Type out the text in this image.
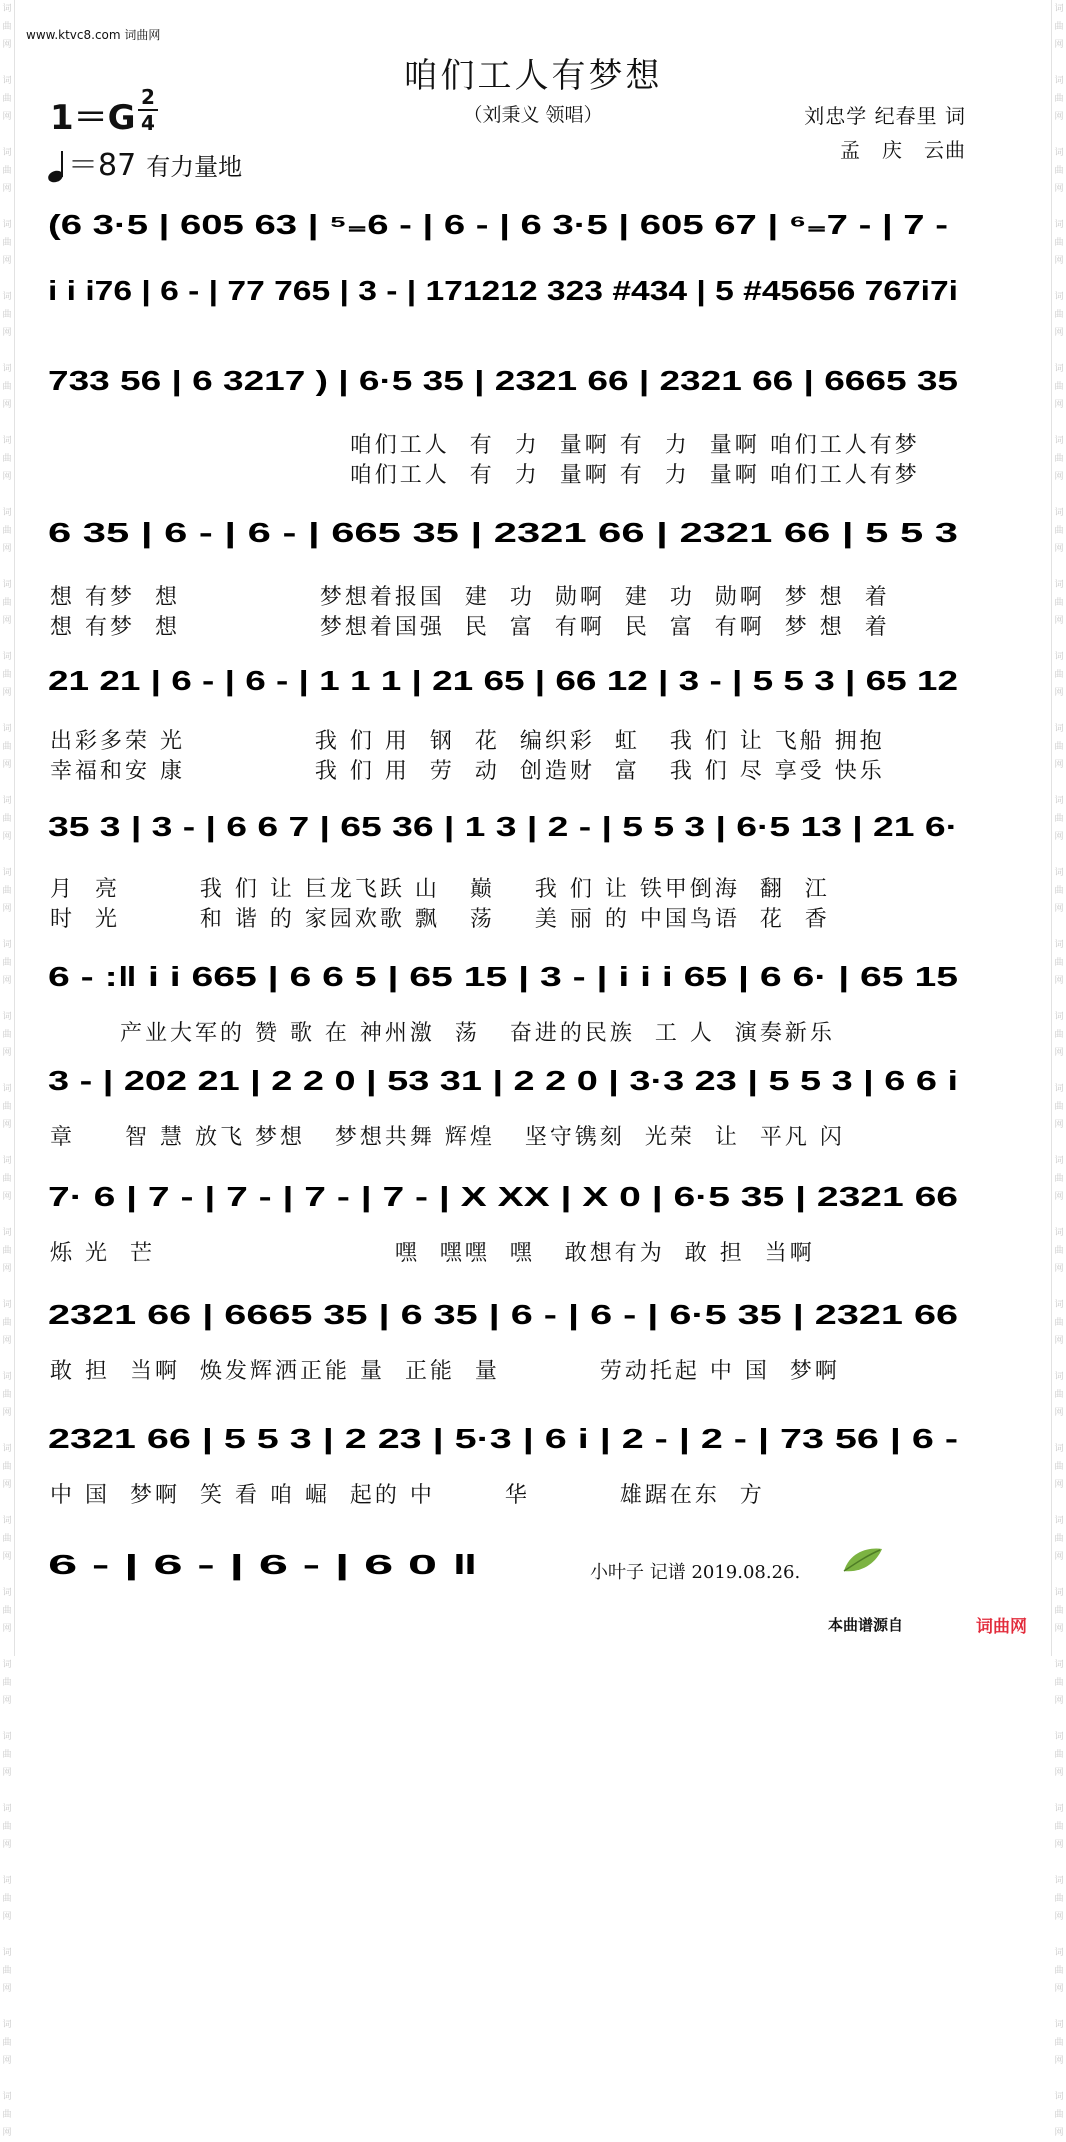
词
曲
网

词
曲
网

词
曲
网

词
曲
网

词
曲
网

词
曲
网

词
曲
网

词
曲
网

词
曲
网

词
曲
网

词
曲
网

词
曲
网

词
曲
网

词
曲
网

词
曲
网

词
曲
网

词
曲
网

词
曲
网

词
曲
网

词
曲
网

词
曲
网

词
曲
网

词
曲
网

词
曲
网

词
曲
网

词
曲
网

词
曲
网

词
曲
网

词
曲
网

词
曲
网

词
曲
网

词
曲
网

词
曲
网

词
曲
网

词
曲
网

词
曲
网

词
曲
网

词
曲
网

词
曲
网

词
曲
网

词
曲
网

词
曲
网

词
曲
网

词
曲
网

词
曲
网

词
曲
网

词
曲
网

词
曲
网

词
曲
网

词
曲
网

词
曲
网

词
曲
网

词
曲
网

词
曲
网

词
曲
网

词
曲
网

词
曲
网

词
曲
网

词
曲
网

词
曲
网

www.ktvc8.com 词曲网
咱们工人有梦想
（刘秉义 领唱）
1＝G
2
4
＝87 有力量地
刘忠学 纪春里 词
孟　庆　云曲
(6 3·5 | 605 63 | ⁵₌6 - | 6 - | 6 3·5 | 605 67 | ⁶₌7 - | 7 -
i i i76 | 6 - | 77 765 | 3 - | 171212 323 #434 | 5 #45656 767i7i
733 56 | 6 3217 ) | 6·5 35 | 2321 66 | 2321 66 | 6665 35
咱们工人  有  力  量啊 有  力  量啊 咱们工人有梦
咱们工人  有  力  量啊 有  力  量啊 咱们工人有梦
6 35 | 6 - | 6 - | 665 35 | 2321 66 | 2321 66 | 5 5 3
想 有梦  想              梦想着报国  建  功  勋啊  建  功  勋啊  梦 想  着
想 有梦  想              梦想着国强  民  富  有啊  民  富  有啊  梦 想  着
21 21 | 6 - | 6 - | 1 1 1 | 21 65 | 66 12 | 3 - | 5 5 3 | 65 12
出彩多荣 光             我 们 用  钢  花  编织彩  虹   我 们 让 飞船 拥抱
幸福和安 康             我 们 用  劳  动  创造财  富   我 们 尽 享受 快乐
35 3 | 3 - | 6 6 7 | 65 36 | 1 3 | 2 - | 5 5 3 | 6·5 13 | 21 6·
月  亮        我 们 让 巨龙飞跃 山   巅    我 们 让 铁甲倒海  翻  江
时  光        和 谐 的 家园欢歌 飘   荡    美 丽 的 中国鸟语  花  香
6 - :‖ i i 665 | 6 6 5 | 65 15 | 3 - | i i i 65 | 6 6· | 65 15
产业大军的 赞 歌 在 神州激  荡   奋进的民族  工 人  演奏新乐
3 - | 202 21 | 2 2 0 | 53 31 | 2 2 0 | 3·3 23 | 5 5 3 | 6 6 i
章     智 慧 放飞 梦想   梦想共舞 辉煌   坚守镌刻  光荣  让  平凡 闪
7· 6 | 7 - | 7 - | 7 - | 7 - | X XX | X 0 | 6·5 35 | 2321 66
烁 光  芒                        嘿  嘿嘿  嘿   敢想有为  敢 担  当啊
2321 66 | 6665 35 | 6 35 | 6 - | 6 - | 6·5 35 | 2321 66
敢 担  当啊  焕发辉洒正能 量  正能  量          劳动托起 中 国  梦啊
2321 66 | 5 5 3 | 2 23 | 5·3 | 6 i | 2 - | 2 - | 73 56 | 6 -
中 国  梦啊  笑 看 咱 崛  起的 中       华         雄踞在东  方
6 - | 6 - | 6 - | 6 0 ‖	小叶子 记谱 2019.08.26.
本曲谱源自	词曲网
